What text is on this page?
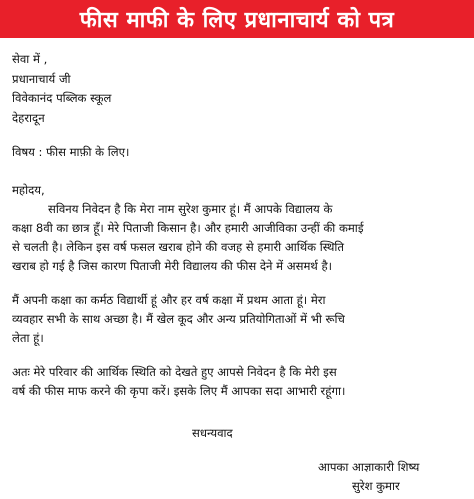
फीस माफी के लिए प्रधानाचार्य को पत्र
सेवा में ,
प्रधानाचार्य जी
विवेकानंद पब्लिक स्कूल
देहरादून
विषय : फीस माफ़ी के लिए।
महोदय,
सविनय निवेदन है कि मेरा नाम सुरेश कुमार हूं। मैं आपके विद्यालय के
कक्षा 8वी का छात्र हूँ। मेरे पिताजी किसान है। और हमारी आजीविका उन्हीं की कमाई
से चलती है। लेकिन इस वर्ष फसल खराब होने की वजह से हमारी आर्थिक स्थिति
खराब हो गई है जिस कारण पिताजी मेरी विद्यालय की फीस देने में असमर्थ है।
मैं अपनी कक्षा का कर्मठ विद्यार्थी हूं और हर वर्ष कक्षा में प्रथम आता हूं। मेरा
व्यवहार सभी के साथ अच्छा है। मैं खेल कूद और अन्य प्रतियोगिताओं में भी रूचि
लेता हूं।
अतः मेरे परिवार की आर्थिक स्थिति को देखते हुए आपसे निवेदन है कि मेरी इस
वर्ष की फीस माफ करने की कृपा करें। इसके लिए मैं आपका सदा आभारी रहूंगा।
सधन्यवाद
आपका आज्ञाकारी शिष्य
सुरेश कुमार
